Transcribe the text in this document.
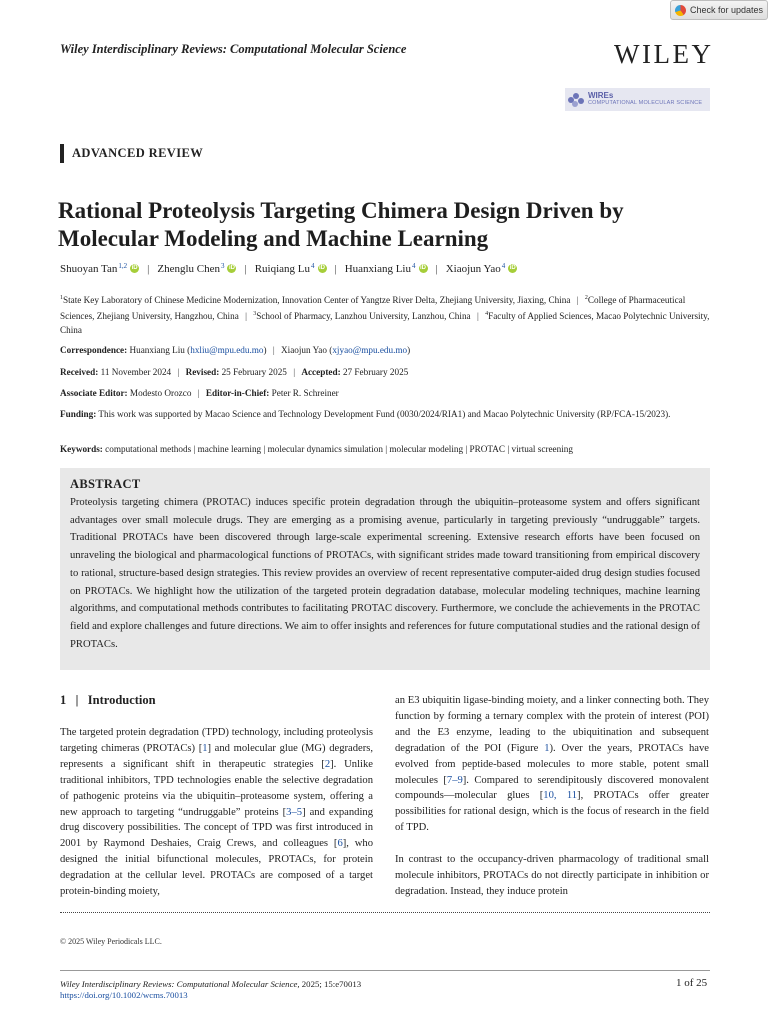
Check for updates
Wiley Interdisciplinary Reviews: Computational Molecular Science	WILEY
WIREs
COMPUTATIONAL MOLECULAR SCIENCE
ADVANCED REVIEW
Rational Proteolysis Targeting Chimera Design Driven by Molecular Modeling and Machine Learning
Shuoyan Tan$^{1,2}$ iD | Zhenglu Chen$^3$ iD | Ruiqiang Lu$^4$ iD | Huanxiang Liu$^4$ iD | Xiaojun Yao$^4$ iD
$^1$State Key Laboratory of Chinese Medicine Modernization, Innovation Center of Yangtze River Delta, Zhejiang University, Jiaxing, China | $^2$College of Pharmaceutical Sciences, Zhejiang University, Hangzhou, China | $^3$School of Pharmacy, Lanzhou University, Lanzhou, China | $^4$Faculty of Applied Sciences, Macao Polytechnic University, China
Correspondence: Huanxiang Liu (hxliu@mpu.edu.mo) | Xiaojun Yao (xjyao@mpu.edu.mo)
Received: 11 November 2024 | Revised: 25 February 2025 | Accepted: 27 February 2025
Associate Editor: Modesto Orozco | Editor-in-Chief: Peter R. Schreiner
Funding: This work was supported by Macao Science and Technology Development Fund (0030/2024/RIA1) and Macao Polytechnic University (RP/FCA-15/2023).
Keywords: computational methods | machine learning | molecular dynamics simulation | molecular modeling | PROTAC | virtual screening
ABSTRACT
Proteolysis targeting chimera (PROTAC) induces specific protein degradation through the ubiquitin–proteasome system and offers significant advantages over small molecule drugs. They are emerging as a promising avenue, particularly in targeting previously “undruggable” targets. Traditional PROTACs have been discovered through large-scale experimental screening. Extensive research efforts have been focused on unraveling the biological and pharmacological functions of PROTACs, with significant strides made toward transitioning from empirical discovery to rational, structure-based design strategies. This review provides an overview of recent representative computer-aided drug design studies focused on PROTACs. We highlight how the utilization of the targeted protein degradation database, molecular modeling techniques, machine learning algorithms, and computational methods contributes to facilitating PROTAC discovery. Furthermore, we conclude the achievements in the PROTAC field and explore challenges and future directions. We aim to offer insights and references for future computational studies and the rational design of PROTACs.
1   |   Introduction

The targeted protein degradation (TPD) technology, including proteolysis targeting chimeras (PROTACs) [1] and molecular glue (MG) degraders, represents a significant shift in therapeutic strategies [2]. Unlike traditional inhibitors, TPD technologies enable the selective degradation of pathogenic proteins via the ubiquitin–proteasome system, offering a new approach to targeting “undruggable” proteins [3–5] and expanding drug discovery possibilities. The concept of TPD was first introduced in 2001 by Raymond Deshaies, Craig Crews, and colleagues [6], who designed the initial bifunctional molecules, PROTACs, for protein degradation at the cellular level. PROTACs are composed of a target protein-binding moiety,

an E3 ubiquitin ligase-binding moiety, and a linker connecting both. They function by forming a ternary complex with the protein of interest (POI) and the E3 enzyme, leading to the ubiquitination and subsequent degradation of the POI (Figure 1). Over the years, PROTACs have evolved from peptide-based molecules to more stable, potent small molecules [7–9]. Compared to serendipitously discovered monovalent compounds—molecular glues [10, 11], PROTACs offer greater possibilities for rational design, which is the focus of research in the field of TPD.

In contrast to the occupancy-driven pharmacology of traditional small molecule inhibitors, PROTACs do not directly participate in inhibition or degradation. Instead, they induce protein

© 2025 Wiley Periodicals LLC.
Wiley Interdisciplinary Reviews: Computational Molecular Science, 2025; 15:e70013
https://doi.org/10.1002/wcms.70013
1 of 25
